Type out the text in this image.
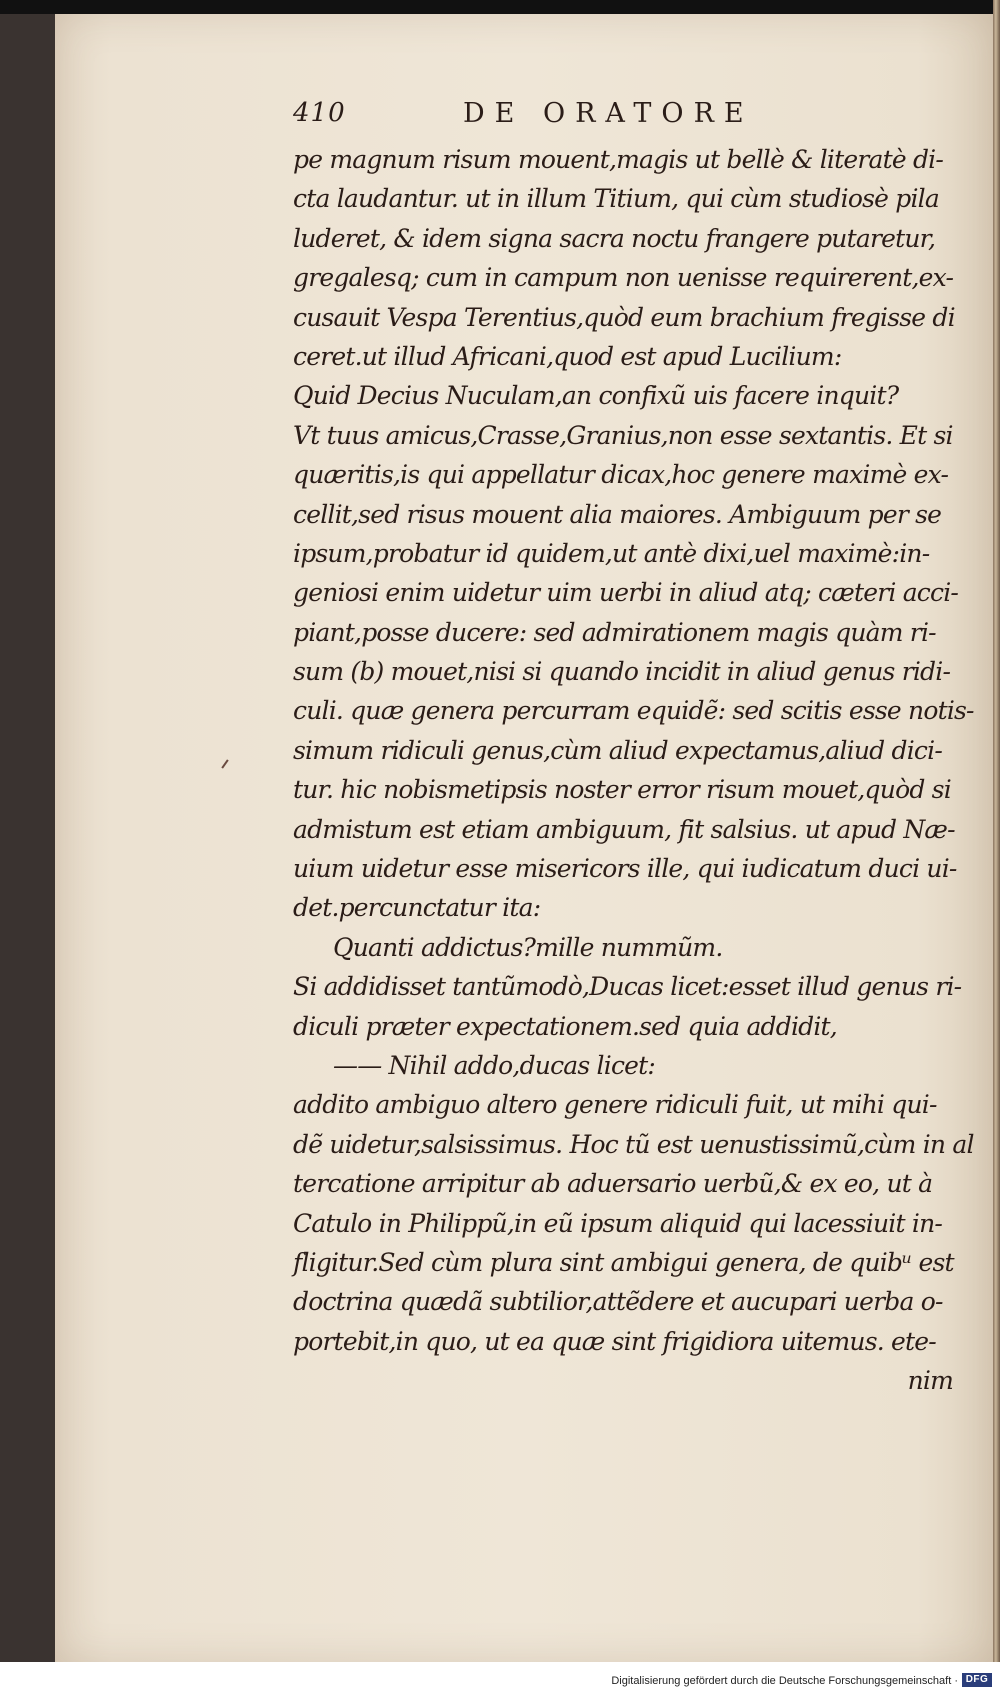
410	DE ORATORE
pe magnum risum mouent,magis ut bellè & literatè di-
cta laudantur. ut in illum Titium, qui cùm studiosè pila
luderet, & idem signa sacra noctu frangere putaretur,
gregalesq; cum in campum non uenisse requirerent,ex-
cusauit Vespa Terentius,quòd eum brachium fregisse di
ceret.ut illud Africani,quod est apud Lucilium:
Quid Decius Nuculam,an confixũ uis facere inquit?
Vt tuus amicus,Crasse,Granius,non esse sextantis. Et si
quæritis,is qui appellatur dicax,hoc genere maximè ex-
cellit,sed risus mouent alia maiores. Ambiguum per se
ipsum,probatur id quidem,ut antè dixi,uel maximè:in-
geniosi enim uidetur uim uerbi in aliud atq; cæteri acci-
piant,posse ducere: sed admirationem magis quàm ri-
sum (b) mouet,nisi si quando incidit in aliud genus ridi-
culi. quæ genera percurram equidẽ: sed scitis esse notis-
simum ridiculi genus,cùm aliud expectamus,aliud dici-
tur. hic nobismetipsis noster error risum mouet,quòd si
admistum est etiam ambiguum, fit salsius. ut apud Næ-
uium uidetur esse misericors ille, qui iudicatum duci ui-
det.percunctatur ita:
Quanti addictus?mille nummũm.
Si addidisset tantũmodò,Ducas licet:esset illud genus ri-
diculi præter expectationem.sed quia addidit,
—— Nihil addo,ducas licet:
addito ambiguo altero genere ridiculi fuit, ut mihi qui-
dẽ uidetur,salsissimus. Hoc tũ est uenustissimũ,cùm in al
tercatione arripitur ab aduersario uerbũ,& ex eo, ut à
Catulo in Philippũ,in eũ ipsum aliquid qui lacessiuit in-
fligitur.Sed cùm plura sint ambigui genera, de quibᵘ est
doctrina quædã subtilior,attẽdere et aucupari uerba o-
portebit,in quo, ut ea quæ sint frigidiora uitemus. ete-
nim
Digitalisierung gefördert durch die Deutsche Forschungsgemeinschaft · DFG
